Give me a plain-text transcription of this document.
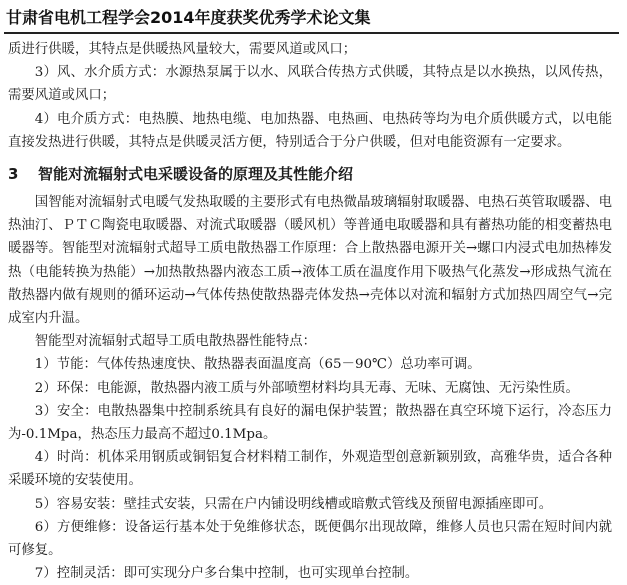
甘肃省电机工程学会2014年度获奖优秀学术论文集

质进行供暖，其特点是供暖热风量较大，需要风道或风口；

3）风、水介质方式：水源热泵属于以水、风联合传热方式供暖，其特点是以水换热，以风传热，需要风道或风口；

4）电介质方式：电热膜、地热电缆、电加热器、电热画、电热砖等均为电介质供暖方式，以电能直接发热进行供暖，其特点是供暖灵活方便，特别适合于分户供暖，但对电能资源有一定要求。

3 智能对流辐射式电采暖设备的原理及其性能介绍

国智能对流辐射式电暖气发热取暖的主要形式有电热微晶玻璃辐射取暖器、电热石英管取暖器、电热油汀、ＰＴＣ陶瓷电取暖器、对流式取暖器（暖风机）等普通电取暖器和具有蓄热功能的相变蓄热电暖器等。智能型对流辐射式超导工质电散热器工作原理：合上散热器电源开关→螺口内浸式电加热棒发热（电能转换为热能）→加热散热器内液态工质→液体工质在温度作用下吸热气化蒸发→形成热气流在散热器内做有规则的循环运动→气体传热使散热器壳体发热→壳体以对流和辐射方式加热四周空气→完成室内升温。

智能型对流辐射式超导工质电散热器性能特点：

1）节能：气体传热速度快、散热器表面温度高（65－90℃）总功率可调。

2）环保：电能源，散热器内液工质与外部喷塑材料均具无毒、无味、无腐蚀、无污染性质。

3）安全：电散热器集中控制系统具有良好的漏电保护装置；散热器在真空环境下运行，冷态压力为-0.1Mpa，热态压力最高不超过0.1Mpa。

4）时尚：机体采用钢质或铜铝复合材料精工制作，外观造型创意新颖别致，高雅华贵，适合各种采暖环境的安装使用。

5）容易安装：壁挂式安装，只需在户内铺设明线槽或暗敷式管线及预留电源插座即可。

6）方便维修：设备运行基本处于免维修状态，既便偶尔出现故障，维修人员也只需在短时间内就可修复。

7）控制灵活：即可实现分户多台集中控制，也可实现单台控制。
